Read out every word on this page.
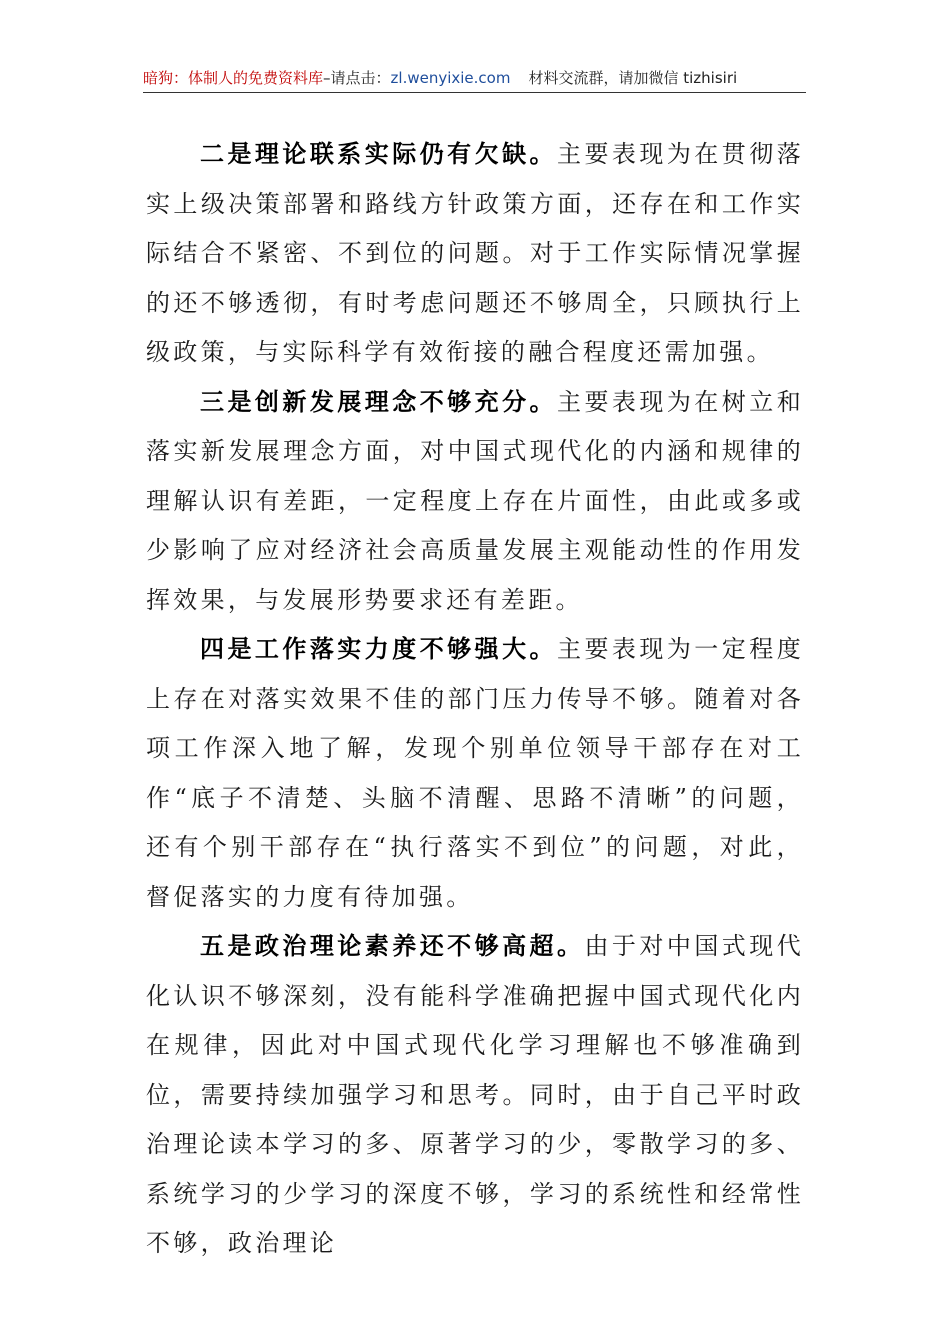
暗狗：体制人的免费资料库–请点击：zl.wenyixie.com 材料交流群，请加微信 tizhisiri

二是理论联系实际仍有欠缺。主要表现为在贯彻落实上级决策部署和路线方针政策方面，还存在和工作实际结合不紧密、不到位的问题。对于工作实际情况掌握的还不够透彻，有时考虑问题还不够周全，只顾执行上级政策，与实际科学有效衔接的融合程度还需加强。

三是创新发展理念不够充分。主要表现为在树立和落实新发展理念方面，对中国式现代化的内涵和规律的理解认识有差距，一定程度上存在片面性，由此或多或少影响了应对经济社会高质量发展主观能动性的作用发挥效果，与发展形势要求还有差距。

四是工作落实力度不够强大。主要表现为一定程度上存在对落实效果不佳的部门压力传导不够。随着对各项工作深入地了解，发现个别单位领导干部存在对工作“底子不清楚、头脑不清醒、思路不清晰”的问题，还有个别干部存在“执行落实不到位”的问题，对此，督促落实的力度有待加强。

五是政治理论素养还不够高超。由于对中国式现代化认识不够深刻，没有能科学准确把握中国式现代化内在规律，因此对中国式现代化学习理解也不够准确到位，需要持续加强学习和思考。同时，由于自己平时政治理论读本学习的多、原著学习的少，零散学习的多、系统学习的少学习的深度不够，学习的系统性和经常性不够，政治理论
